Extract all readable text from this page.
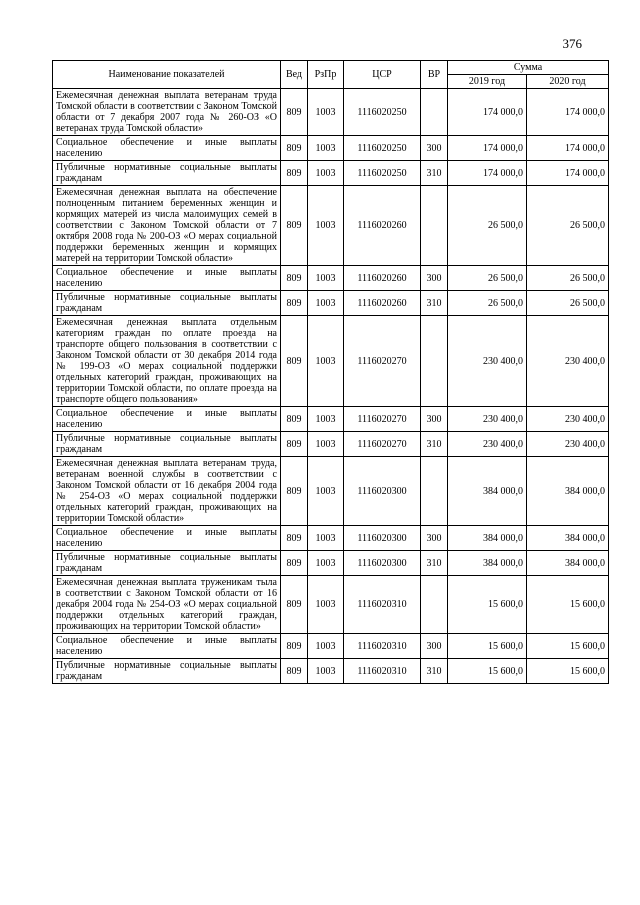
376
Наименование показателей	Вед	РзПр	ЦСР	ВР	Сумма	
					2019 год	2020 год
Ежемесячная денежная выплата ветеранам труда Томской области в соответствии с Законом Томской области от 7 декабря 2007 года № 260-ОЗ «О ветеранах труда Томской области»	809	1003	1116020250		174 000,0	174 000,0
Социальное обеспечение и иные выплаты населению	809	1003	1116020250	300	174 000,0	174 000,0
Публичные нормативные социальные выплаты гражданам	809	1003	1116020250	310	174 000,0	174 000,0
Ежемесячная денежная выплата на обеспечение полноценным питанием беременных женщин и кормящих матерей из числа малоимущих семей в соответствии с Законом Томской области от 7 октября 2008 года № 200-ОЗ «О мерах социальной поддержки беременных женщин и кормящих матерей на территории Томской области»	809	1003	1116020260		26 500,0	26 500,0
Социальное обеспечение и иные выплаты населению	809	1003	1116020260	300	26 500,0	26 500,0
Публичные нормативные социальные выплаты гражданам	809	1003	1116020260	310	26 500,0	26 500,0
Ежемесячная денежная выплата отдельным категориям граждан по оплате проезда на транспорте общего пользования в соответствии с Законом Томской области от 30 декабря 2014 года № 199-ОЗ «О мерах социальной поддержки отдельных категорий граждан, проживающих на территории Томской области, по оплате проезда на транспорте общего пользования»	809	1003	1116020270		230 400,0	230 400,0
Социальное обеспечение и иные выплаты населению	809	1003	1116020270	300	230 400,0	230 400,0
Публичные нормативные социальные выплаты гражданам	809	1003	1116020270	310	230 400,0	230 400,0
Ежемесячная денежная выплата ветеранам труда, ветеранам военной службы в соответствии с Законом Томской области от 16 декабря 2004 года № 254-ОЗ «О мерах социальной поддержки отдельных категорий граждан, проживающих на территории Томской области»	809	1003	1116020300		384 000,0	384 000,0
Социальное обеспечение и иные выплаты населению	809	1003	1116020300	300	384 000,0	384 000,0
Публичные нормативные социальные выплаты гражданам	809	1003	1116020300	310	384 000,0	384 000,0
Ежемесячная денежная выплата труженикам тыла в соответствии с Законом Томской области от 16 декабря 2004 года № 254-ОЗ «О мерах социальной поддержки отдельных категорий граждан, проживающих на территории Томской области»	809	1003	1116020310		15 600,0	15 600,0
Социальное обеспечение и иные выплаты населению	809	1003	1116020310	300	15 600,0	15 600,0
Публичные нормативные социальные выплаты гражданам	809	1003	1116020310	310	15 600,0	15 600,0
